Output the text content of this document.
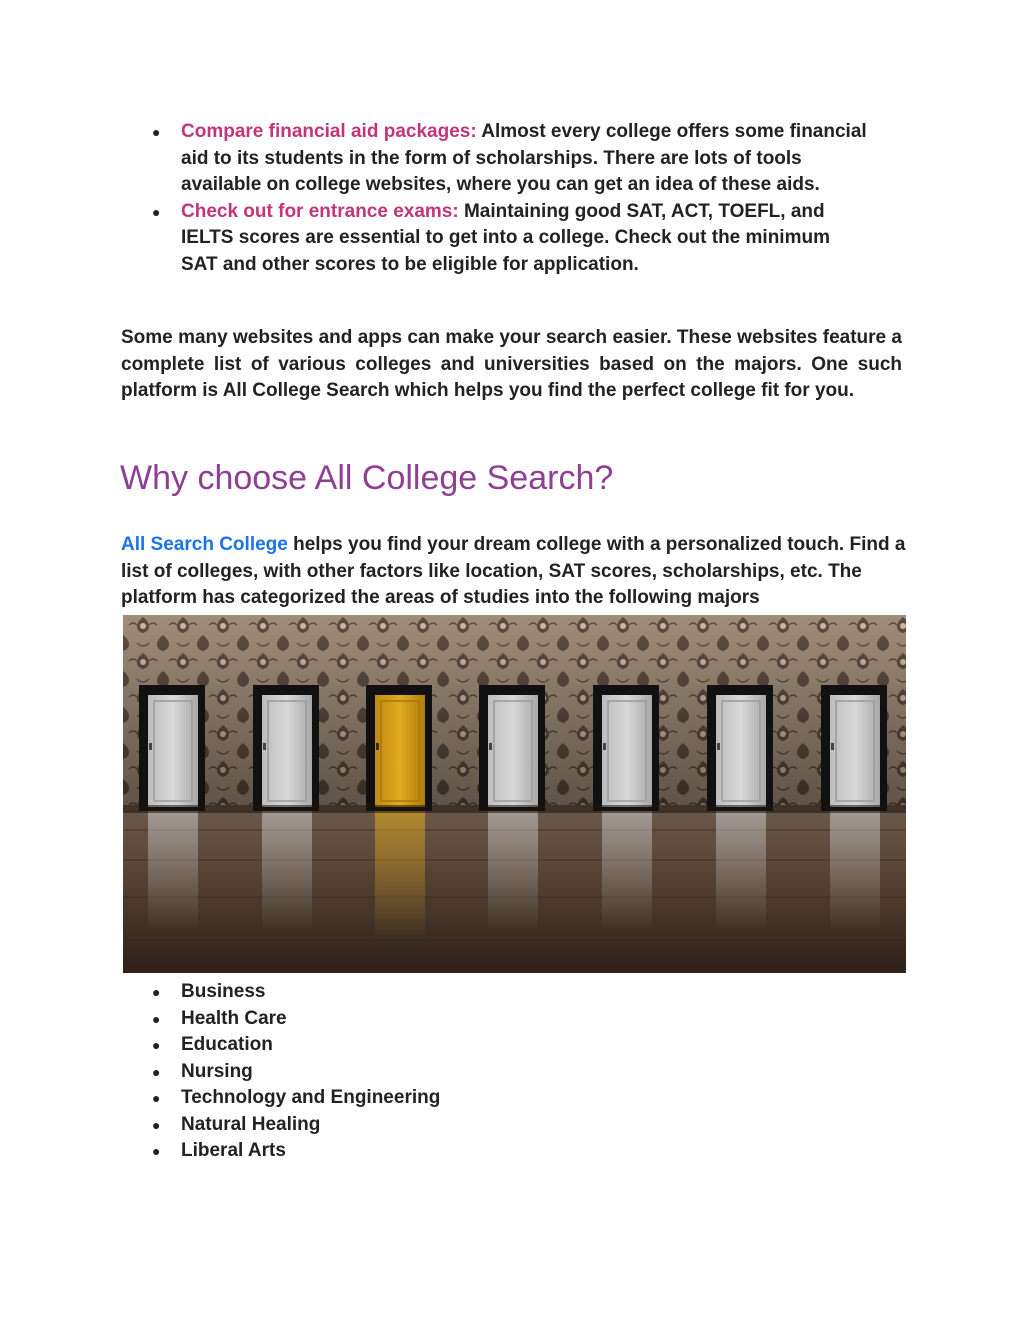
● Compare financial aid packages: Almost every college offers some financial aid to its students in the form of scholarships. There are lots of tools available on college websites, where you can get an idea of these aids.
● Check out for entrance exams: Maintaining good SAT, ACT, TOEFL, and IELTS scores are essential to get into a college. Check out the minimum SAT and other scores to be eligible for application.

Some many websites and apps can make your search easier. These websites feature a complete list of various colleges and universities based on the majors. One such platform is All College Search which helps you find the perfect college fit for you.

Why choose All College Search?

All Search College helps you find your dream college with a personalized touch. Find a list of colleges, with other factors like location, SAT scores, scholarships, etc. The platform has categorized the areas of studies into the following majors

● Business
● Health Care
● Education
● Nursing
● Technology and Engineering
● Natural Healing
● Liberal Arts
